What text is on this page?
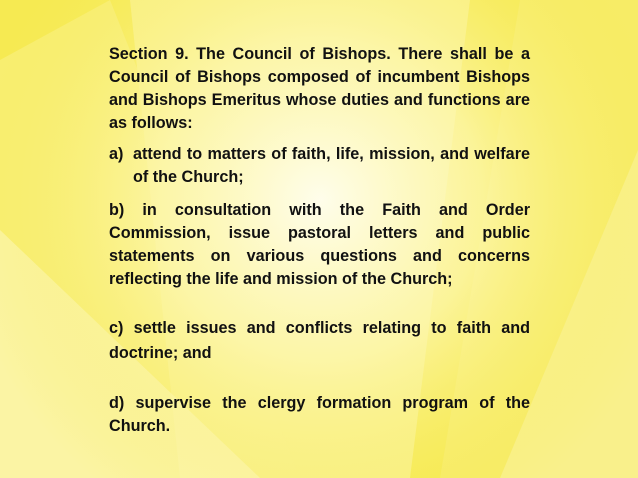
Section 9. The Council of Bishops. There shall be a Council of Bishops composed of incumbent Bishops and Bishops Emeritus whose duties and functions are as follows:

a) attend to matters of faith, life, mission, and welfare of the Church;

b) in consultation with the Faith and Order Commission, issue pastoral letters and public statements on various questions and concerns reflecting the life and mission of the Church;

c) settle issues and conflicts relating to faith and doctrine; and

d) supervise the clergy formation program of the Church.
